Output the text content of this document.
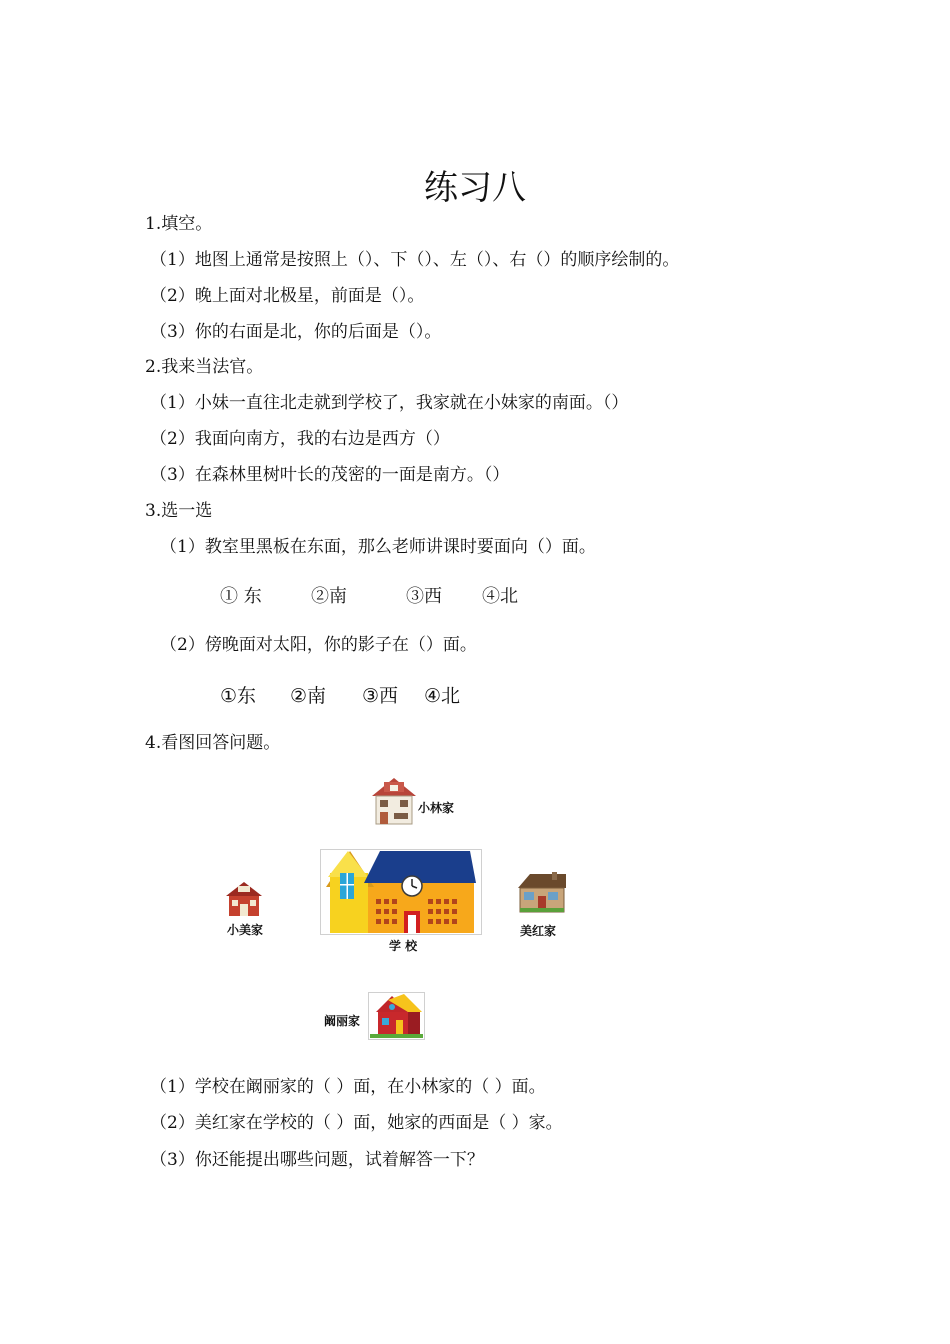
练习八
1.填空。
（1）地图上通常是按照上（）、下（）、左（）、右（）的顺序绘制的。
（2）晚上面对北极星，前面是（）。
（3）你的右面是北，你的后面是（）。
2.我来当法官。
（1）小妹一直往北走就到学校了，我家就在小妹家的南面。（）
（2）我面向南方，我的右边是西方（）
（3）在森林里树叶长的茂密的一面是南方。（）
3.选一选
（1）教室里黑板在东面，那么老师讲课时要面向（）面。
① 东	②南	③西 ④北
（2）傍晚面对太阳，你的影子在（）面。
①东 ②南 ③西 ④北
4.看图回答问题。
小林家
学 校
小美家	美红家
阚丽家
（1）学校在阚丽家的（ ）面，在小林家的（ ）面。
（2）美红家在学校的（ ）面，她家的西面是（ ）家。
（3）你还能提出哪些问题，试着解答一下？
